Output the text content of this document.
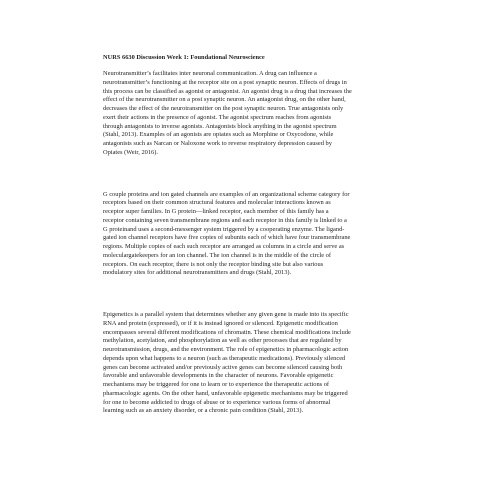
NURS 6630 Discussion Week 1: Foundational Neuroscience
Neurotransmitter’s facilitates inter neuronal communication. A drug can influence a
neurotransmitter’s functioning at the receptor site on a post synaptic neuron. Effects of drugs in
this process can be classified as agonist or antagonist. An agonist drug is a drug that increases the
effect of the neurotransmitter on a post synaptic neuron. An antagonist drug, on the other hand,
decreases the effect of the neurotransmitter on the post synaptic neuron. True antagonists only
exert their actions in the presence of agonist. The agonist spectrum reaches from agonists
through antagonists to inverse agonists. Antagonists block anything in the agonist spectrum
(Stahl, 2013). Examples of an agonists are opiates such as Morphine or Oxycodone, while
antagonists such as Narcan or Naloxone work to reverse respiratory depression caused by
Opiates (Weir, 2016).
G couple proteins and ion gated channels are examples of an organizational scheme category for
receptors based on their common structural features and molecular interactions known as
receptor super families. In G protein—linked receptor, each member of this family has a
receptor containing seven transmembrane regions and each receptor in this family is linked to a
G proteinand uses a second-messenger system triggered by a cooperating enzyme. The ligand-
gated ion channel receptors have five copies of subunits each of which have four transmembrane
regions. Multiple copies of each such receptor are arranged as columns in a circle and serve as
moleculargatekeepers for an ion channel. The ion channel is in the middle of the circle of
receptors. On each receptor, there is not only the receptor binding site but also various
modulatory sites for additional neurotransmitters and drugs (Stahl, 2013).
Epigenetics is a parallel system that determines whether any given gene is made into its specific
RNA and protein (expressed), or if it is instead ignored or silenced. Epigenetic modification
encompasses several different modifications of chromatin. These chemical modifications include
methylation, acetylation, and phosphorylation as well as other processes that are regulated by
neurotransmission, drugs, and the environment. The role of epigenetics in pharmacologic action
depends upon what happens to a neuron (such as therapeutic medications). Previously silenced
genes can become activated and/or previously active genes can become silenced causing both
favorable and unfavorable developments in the character of neurons. Favorable epigenetic
mechanisms may be triggered for one to learn or to experience the therapeutic actions of
pharmacologic agents. On the other hand, unfavorable epigenetic mechanisms may be triggered
for one to become addicted to drugs of abuse or to experience various forms of abnormal
learning such as an anxiety disorder, or a chronic pain condition (Stahl, 2013).
